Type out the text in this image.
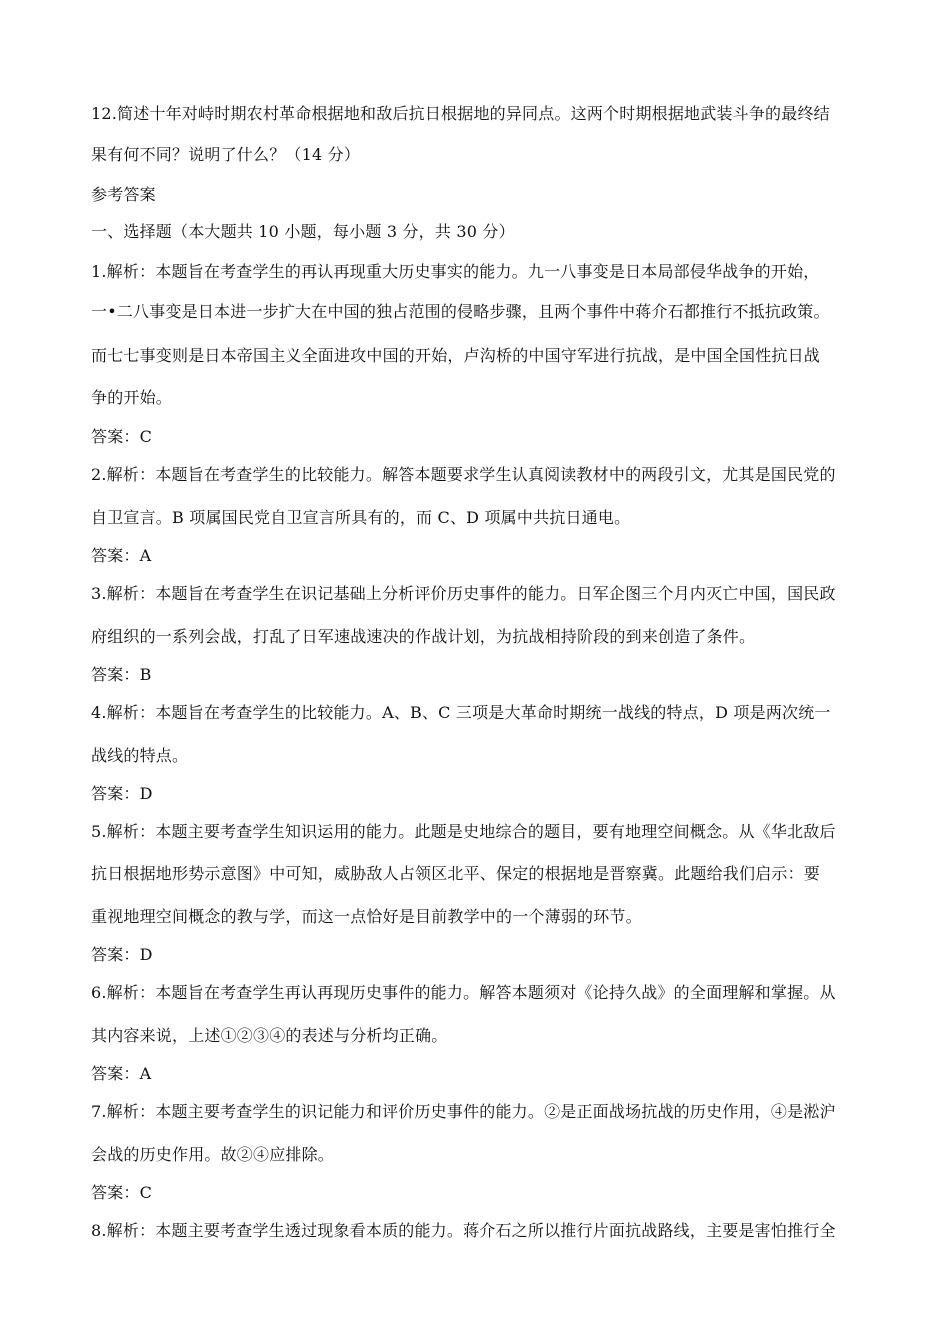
12.简述十年对峙时期农村革命根据地和敌后抗日根据地的异同点。这两个时期根据地武装斗争的最终结
果有何不同？说明了什么？（14 分）
参考答案
一、选择题（本大题共 10 小题，每小题 3 分，共 30 分）
1.解析：本题旨在考查学生的再认再现重大历史事实的能力。九一八事变是日本局部侵华战争的开始，
一•二八事变是日本进一步扩大在中国的独占范围的侵略步骤，且两个事件中蒋介石都推行不抵抗政策。
而七七事变则是日本帝国主义全面进攻中国的开始，卢沟桥的中国守军进行抗战，是中国全国性抗日战
争的开始。
答案：C
2.解析：本题旨在考查学生的比较能力。解答本题要求学生认真阅读教材中的两段引文，尤其是国民党的
自卫宣言。B 项属国民党自卫宣言所具有的，而 C、D 项属中共抗日通电。
答案：A
3.解析：本题旨在考查学生在识记基础上分析评价历史事件的能力。日军企图三个月内灭亡中国，国民政
府组织的一系列会战，打乱了日军速战速决的作战计划，为抗战相持阶段的到来创造了条件。
答案：B
4.解析：本题旨在考查学生的比较能力。A、B、C 三项是大革命时期统一战线的特点，D 项是两次统一
战线的特点。
答案：D
5.解析：本题主要考查学生知识运用的能力。此题是史地综合的题目，要有地理空间概念。从《华北敌后
抗日根据地形势示意图》中可知，威胁敌人占领区北平、保定的根据地是晋察冀。此题给我们启示：要
重视地理空间概念的教与学，而这一点恰好是目前教学中的一个薄弱的环节。
答案：D
6.解析：本题旨在考查学生再认再现历史事件的能力。解答本题须对《论持久战》的全面理解和掌握。从
其内容来说，上述①②③④的表述与分析均正确。
答案：A
7.解析：本题主要考查学生的识记能力和评价历史事件的能力。②是正面战场抗战的历史作用，④是淞沪
会战的历史作用。故②④应排除。
答案：C
8.解析：本题主要考查学生透过现象看本质的能力。蒋介石之所以推行片面抗战路线，主要是害怕推行全
